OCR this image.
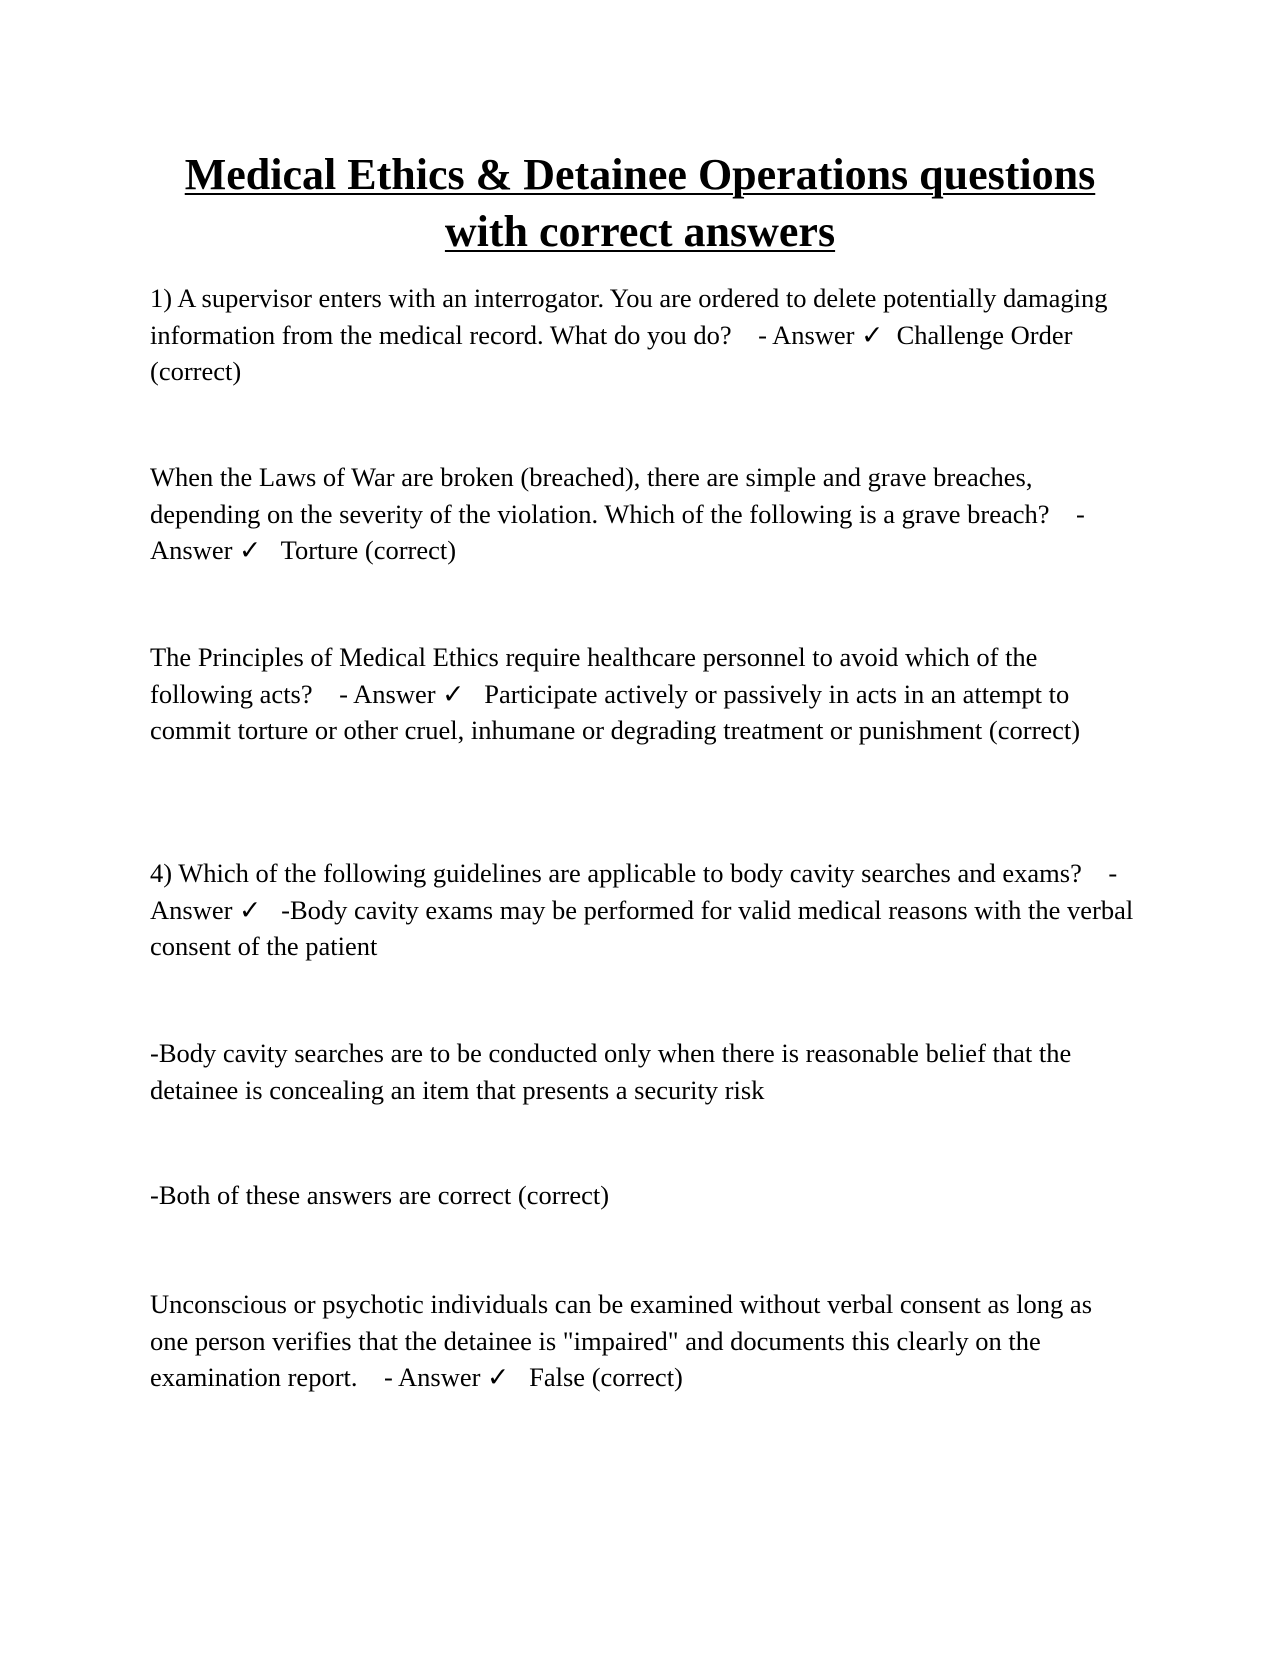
Medical Ethics & Detainee Operations questions
with correct answers

1) A supervisor enters with an interrogator. You are ordered to delete potentially damaging information from the medical record. What do you do?    - Answer ✓  Challenge Order (correct)

When the Laws of War are broken (breached), there are simple and grave breaches, depending on the severity of the violation. Which of the following is a grave breach?    - Answer ✓   Torture (correct)

The Principles of Medical Ethics require healthcare personnel to avoid which of the following acts?    - Answer ✓   Participate actively or passively in acts in an attempt to commit torture or other cruel, inhumane or degrading treatment or punishment (correct)

4) Which of the following guidelines are applicable to body cavity searches and exams?    - Answer ✓   -Body cavity exams may be performed for valid medical reasons with the verbal consent of the patient

-Body cavity searches are to be conducted only when there is reasonable belief that the detainee is concealing an item that presents a security risk

-Both of these answers are correct (correct)

Unconscious or psychotic individuals can be examined without verbal consent as long as one person verifies that the detainee is "impaired" and documents this clearly on the examination report.    - Answer ✓   False (correct)
